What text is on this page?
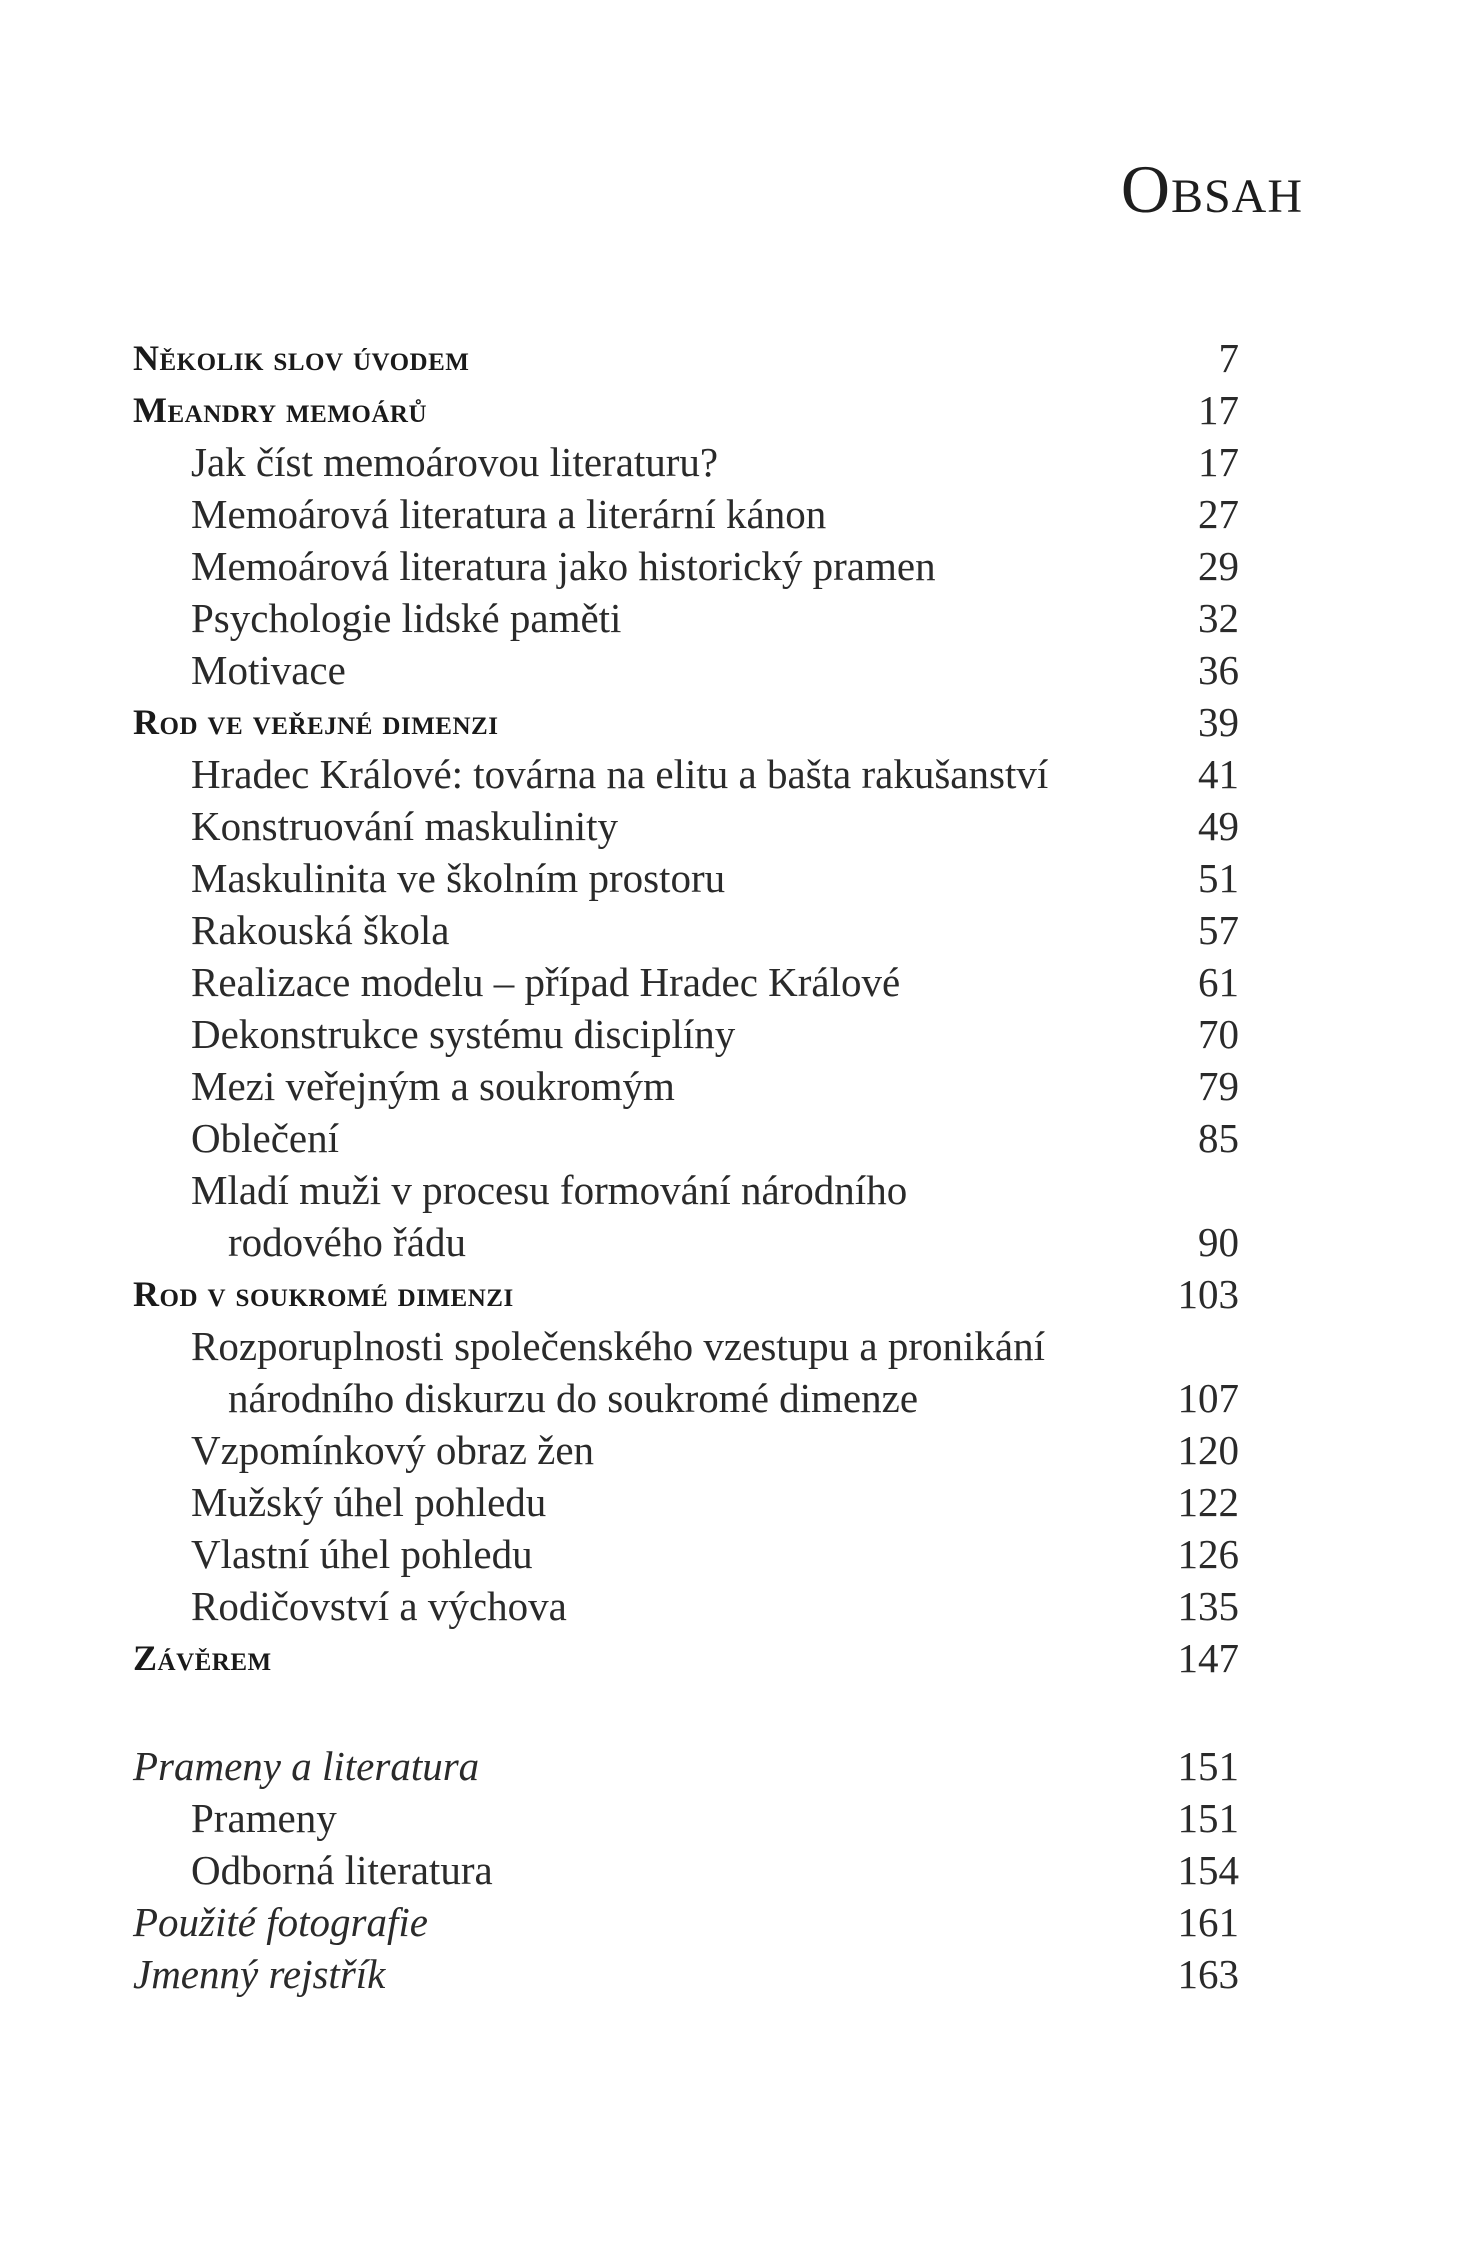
Obsah
Několik slov úvodem	7
Meandry memoárů	17
Jak číst memoárovou literaturu?	17
Memoárová literatura a literární kánon	27
Memoárová literatura jako historický pramen	29
Psychologie lidské paměti	32
Motivace	36
Rod ve veřejné dimenzi	39
Hradec Králové: továrna na elitu a bašta rakušanství	41
Konstruování maskulinity	49
Maskulinita ve školním prostoru	51
Rakouská škola	57
Realizace modelu – případ Hradec Králové	61
Dekonstrukce systému disciplíny	70
Mezi veřejným a soukromým	79
Oblečení	85
Mladí muži v procesu formování národního
rodového řádu	90
Rod v soukromé dimenzi	103
Rozporuplnosti společenského vzestupu a pronikání
národního diskurzu do soukromé dimenze	107
Vzpomínkový obraz žen	120
Mužský úhel pohledu	122
Vlastní úhel pohledu	126
Rodičovství a výchova	135
Závěrem	147
Prameny a literatura	151
Prameny	151
Odborná literatura	154
Použité fotografie	161
Jmenný rejstřík	163
